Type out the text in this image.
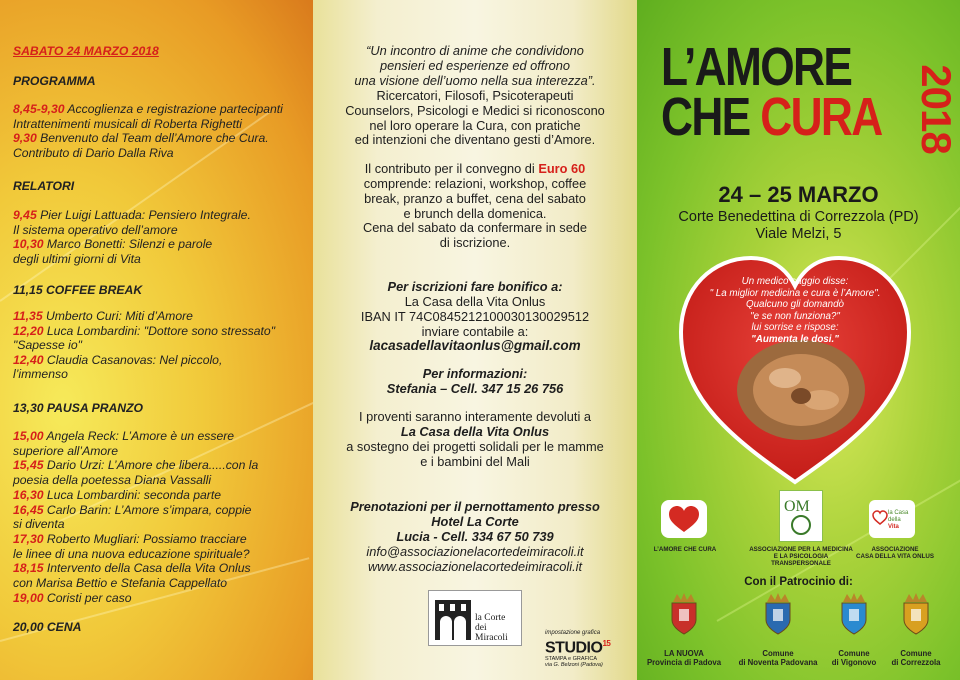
SABATO 24 MARZO 2018
PROGRAMMA
8,45-9,30 Accoglienza e registrazione partecipanti
Intrattenimenti musicali di Roberta Righetti
9,30 Benvenuto dal Team dell’Amore che Cura.
Contributo di Dario Dalla Riva
RELATORI
9,45 Pier Luigi Lattuada: Pensiero Integrale.
Il sistema operativo dell’amore
10,30 Marco Bonetti: Silenzi e parole
degli ultimi giorni di Vita
11,15 COFFEE BREAK
11,35 Umberto Curi: Miti d’Amore
12,20 Luca Lombardini: "Dottore sono stressato"
"Sapesse io"
12,40 Claudia Casanovas: Nel piccolo,
l’immenso
13,30 PAUSA PRANZO
15,00 Angela Reck: L’Amore è un essere
superiore all’Amore
15,45 Dario Urzi: L’Amore che libera.....con la
poesia della poetessa Diana Vassalli
16,30 Luca Lombardini: seconda parte
16,45 Carlo Barin: L’Amore s’impara, coppie
si diventa
17,30 Roberto Mugliari: Possiamo tracciare
le linee di una nuova educazione spirituale?
18,15 Intervento della Casa della Vita Onlus
con Marisa Bettio e Stefania Cappellato
19,00 Coristi per caso
20,00 CENA
“Un incontro di anime che condividono
pensieri ed esperienze ed offrono
una visione dell’uomo nella sua interezza”.
Ricercatori, Filosofi, Psicoterapeuti
Counselors, Psicologi e Medici si riconoscono
nel loro operare la Cura, con pratiche
ed intenzioni che diventano gesti d’Amore.
Il contributo per il convegno di Euro 60
comprende: relazioni, workshop, coffee
break, pranzo a buffet, cena del sabato
e brunch della domenica.
Cena del sabato da confermare in sede
di iscrizione.
Per iscrizioni fare bonifico a:
La Casa della Vita Onlus
IBAN IT 74C0845212100030130029512
inviare contabile a:
lacasadellavitaonlus@gmail.com
Per informazioni:
Stefania – Cell. 347 15 26 756
I proventi saranno interamente devoluti a
La Casa della Vita Onlus
a sostegno dei progetti solidali per le mamme
e i bambini del Mali
Prenotazioni per il pernottamento presso
Hotel La Corte
Lucia - Cell. 334 67 50 739
info@associazionelacortedeimiracoli.it
www.associazionelacortedeimiracoli.it
la Corte
dei Miracoli	impostazione grafica
STUDIO$^{15}$
STAMPA e GRAFICA
via G. Belzoni (Padova)
L’AMORE
CHE CURA 2018
24 – 25 MARZO
Corte Benedettina di Correzzola (PD)
Viale Melzi, 5
Un medico saggio disse:
" La miglior medicina e cura è l’Amore".
Qualcuno gli domandò
"e se non funziona?"
lui sorrise e rispose:
"Aumenta le dosi."
L’AMORE CHE CURA
OM
ASSOCIAZIONE PER LA MEDICINA
E LA PSICOLOGIA TRANSPERSONALE
la Casa della
Vita
ASSOCIAZIONE
CASA DELLA VITA ONLUS
Con il Patrocinio di:
LA NUOVA
Provincia di Padova
Comune
di Noventa Padovana
Comune
di Vigonovo
Comune
di Correzzola
